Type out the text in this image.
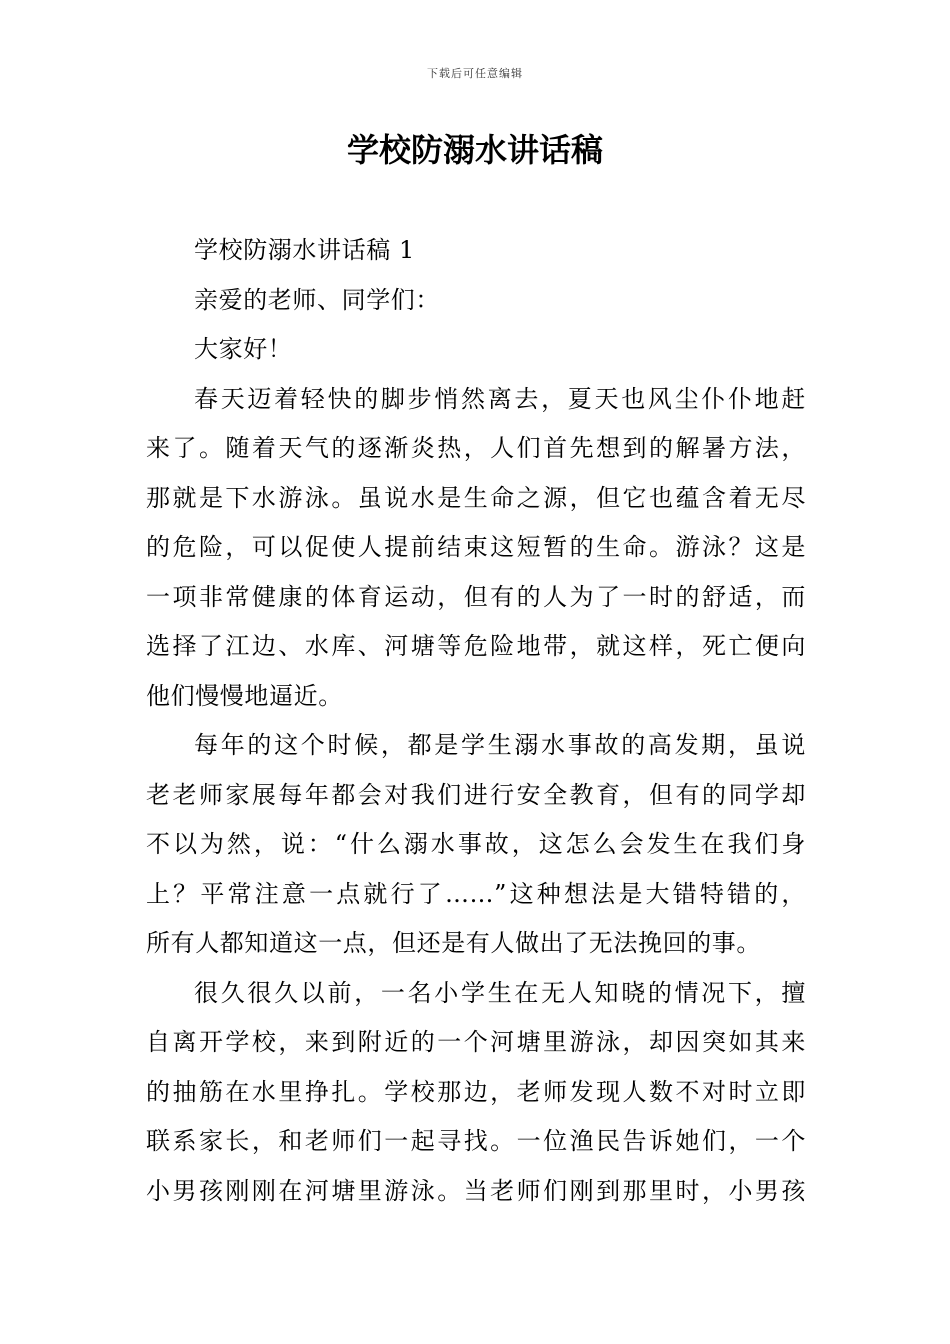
下载后可任意编辑
学校防溺水讲话稿
学校防溺水讲话稿 1
亲爱的老师、同学们：
大家好！
春天迈着轻快的脚步悄然离去，夏天也风尘仆仆地赶
来了。随着天气的逐渐炎热，人们首先想到的解暑方法，
那就是下水游泳。虽说水是生命之源，但它也蕴含着无尽
的危险，可以促使人提前结束这短暂的生命。游泳？这是
一项非常健康的体育运动，但有的人为了一时的舒适，而
选择了江边、水库、河塘等危险地带，就这样，死亡便向
他们慢慢地逼近。
每年的这个时候，都是学生溺水事故的高发期，虽说
老老师家展每年都会对我们进行安全教育，但有的同学却
不以为然，说：“什么溺水事故，这怎么会发生在我们身
上？平常注意一点就行了……”这种想法是大错特错的，
所有人都知道这一点，但还是有人做出了无法挽回的事。
很久很久以前，一名小学生在无人知晓的情况下，擅
自离开学校，来到附近的一个河塘里游泳，却因突如其来
的抽筋在水里挣扎。学校那边，老师发现人数不对时立即
联系家长，和老师们一起寻找。一位渔民告诉她们，一个
小男孩刚刚在河塘里游泳。当老师们刚到那里时，小男孩
